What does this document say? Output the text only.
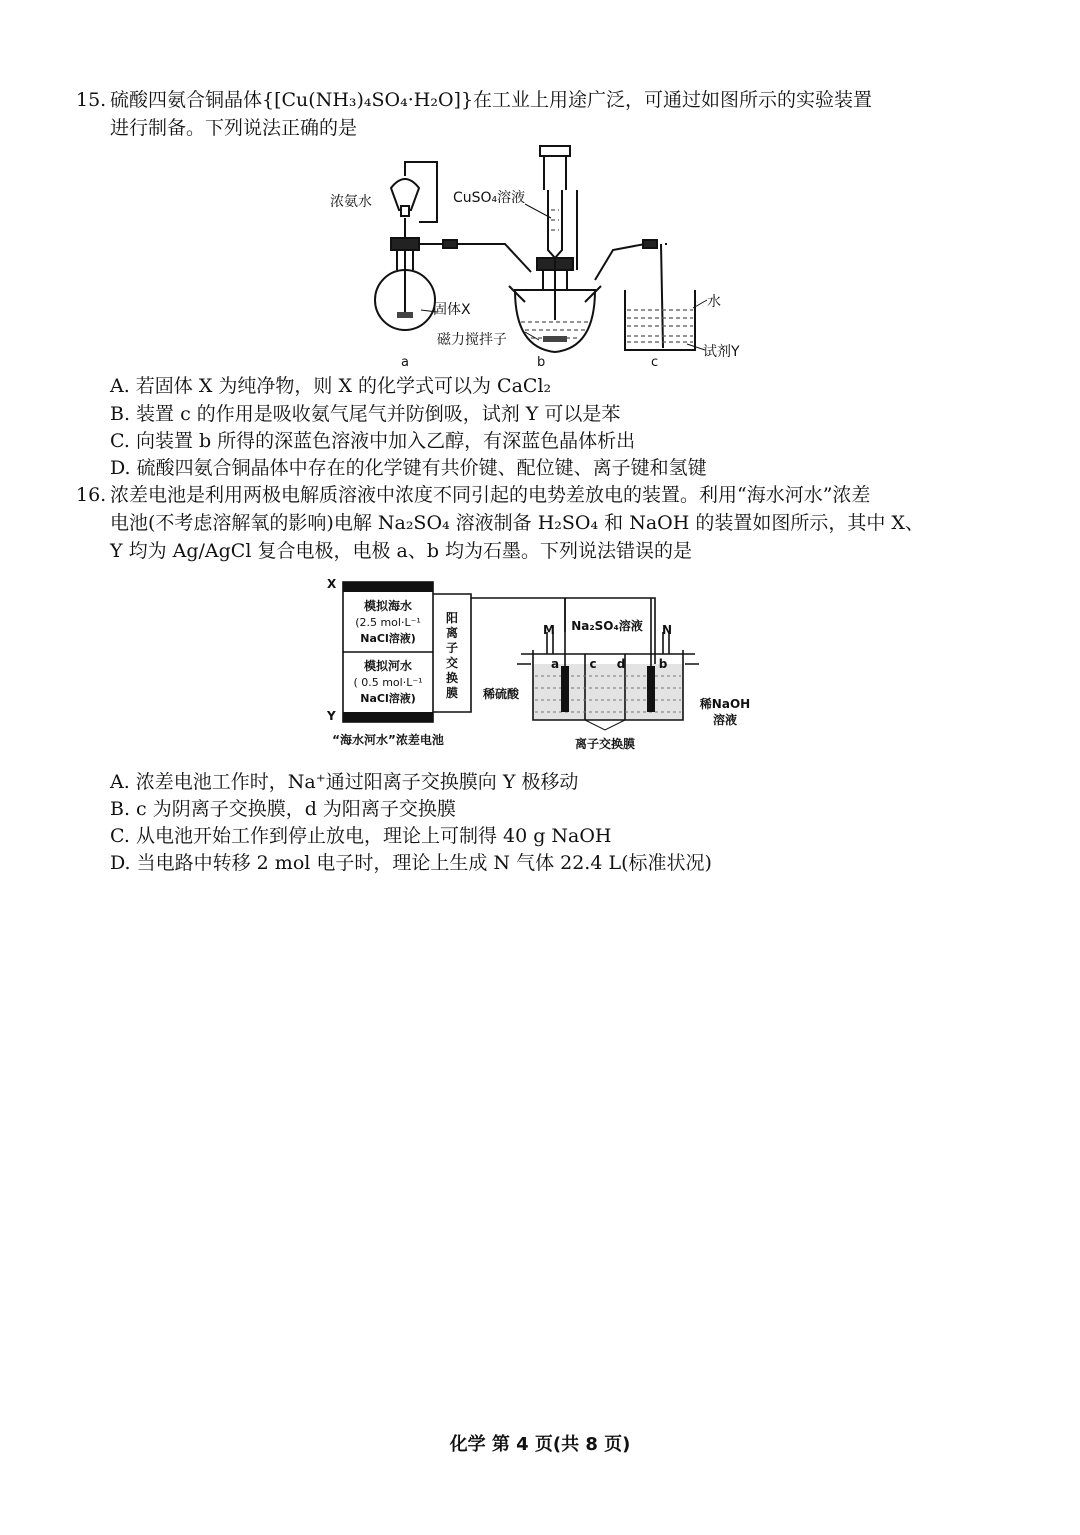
15. 硫酸四氨合铜晶体{[Cu(NH₃)₄SO₄·H₂O]}在工业上用途广泛，可通过如图所示的实验装置
进行制备。下列说法正确的是
浓氨水	CuSO₄溶液
固体X
磁力搅拌子
水
试剂Y
a	b	c
A. 若固体 X 为纯净物，则 X 的化学式可以为 CaCl₂
B. 装置 c 的作用是吸收氨气尾气并防倒吸，试剂 Y 可以是苯
C. 向装置 b 所得的深蓝色溶液中加入乙醇，有深蓝色晶体析出
D. 硫酸四氨合铜晶体中存在的化学键有共价键、配位键、离子键和氢键
16. 浓差电池是利用两极电解质溶液中浓度不同引起的电势差放电的装置。利用“海水河水”浓差
电池(不考虑溶解氧的影响)电解 Na₂SO₄ 溶液制备 H₂SO₄ 和 NaOH 的装置如图所示，其中 X、
Y 均为 Ag/AgCl 复合电极，电极 a、b 均为石墨。下列说法错误的是
X
Y
模拟海水
(2.5 mol·L⁻¹
NaCl溶液)
模拟河水
( 0.5 mol·L⁻¹
NaCl溶液)
阳
离
子
交
换
膜
“海水河水”浓差电池
M	N
Na₂SO₄溶液
a	c d	b
稀硫酸
稀NaOH
溶液
离子交换膜
A. 浓差电池工作时，Na⁺通过阳离子交换膜向 Y 极移动
B. c 为阴离子交换膜，d 为阳离子交换膜
C. 从电池开始工作到停止放电，理论上可制得 40 g NaOH
D. 当电路中转移 2 mol 电子时，理论上生成 N 气体 22.4 L(标准状况)
化学 第 4 页(共 8 页)
